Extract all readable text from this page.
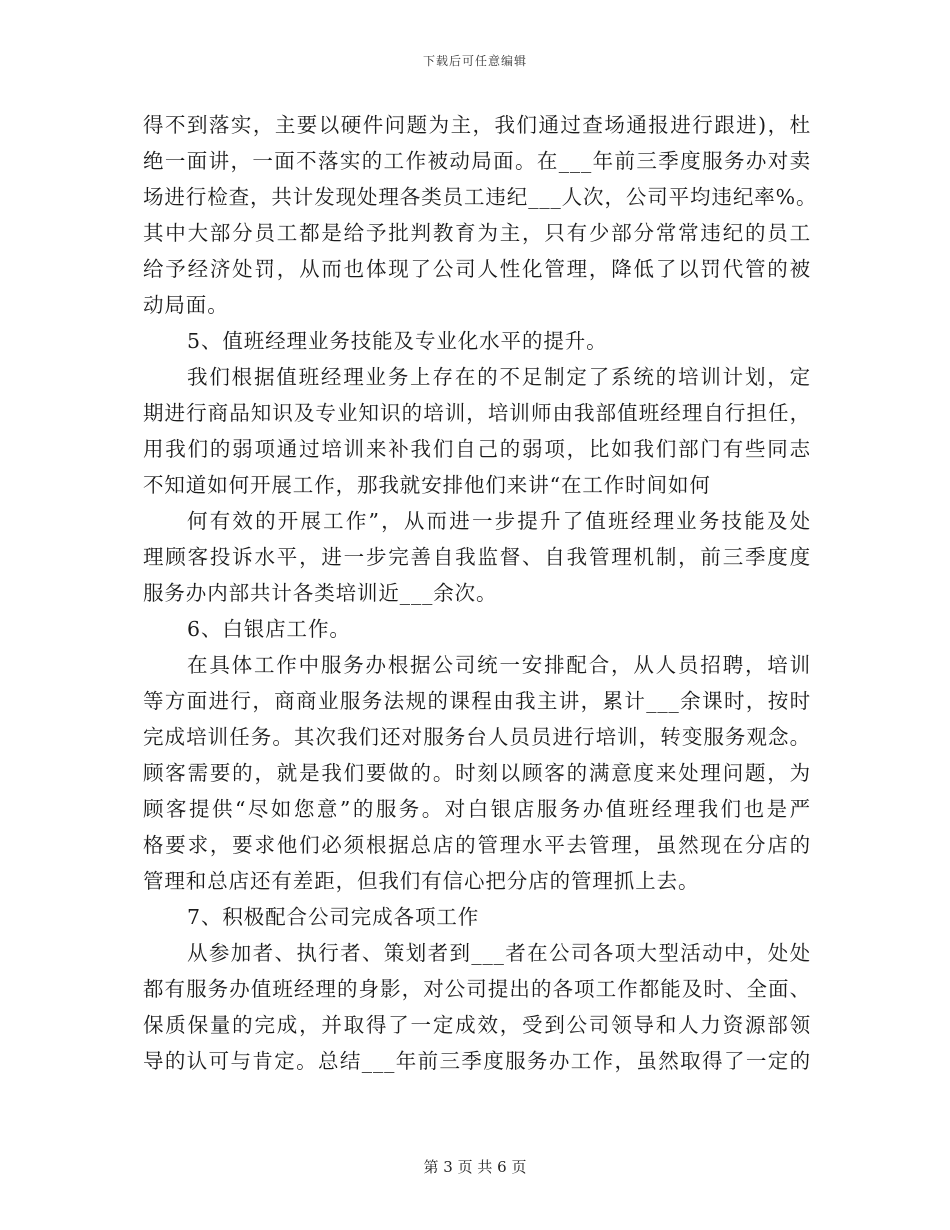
下载后可任意编辑
得不到落实，主要以硬件问题为主，我们通过查场通报进行跟进)，杜
绝一面讲，一面不落实的工作被动局面。在___年前三季度服务办对卖
场进行检查，共计发现处理各类员工违纪___人次，公司平均违纪率%。
其中大部分员工都是给予批判教育为主，只有少部分常常违纪的员工
给予经济处罚，从而也体现了公司人性化管理，降低了以罚代管的被
动局面。
5、值班经理业务技能及专业化水平的提升。
我们根据值班经理业务上存在的不足制定了系统的培训计划，定
期进行商品知识及专业知识的培训，培训师由我部值班经理自行担任，
用我们的弱项通过培训来补我们自己的弱项，比如我们部门有些同志
不知道如何开展工作，那我就安排他们来讲“在工作时间如何
何有效的开展工作”，从而进一步提升了值班经理业务技能及处
理顾客投诉水平，进一步完善自我监督、自我管理机制，前三季度度
服务办内部共计各类培训近___余次。
6、白银店工作。
在具体工作中服务办根据公司统一安排配合，从人员招聘，培训
等方面进行，商商业服务法规的课程由我主讲，累计___余课时，按时
完成培训任务。其次我们还对服务台人员员进行培训，转变服务观念。
顾客需要的，就是我们要做的。时刻以顾客的满意度来处理问题，为
顾客提供“尽如您意”的服务。对白银店服务办值班经理我们也是严
格要求，要求他们必须根据总店的管理水平去管理，虽然现在分店的
管理和总店还有差距，但我们有信心把分店的管理抓上去。
7、积极配合公司完成各项工作
从参加者、执行者、策划者到___者在公司各项大型活动中，处处
都有服务办值班经理的身影，对公司提出的各项工作都能及时、全面、
保质保量的完成，并取得了一定成效，受到公司领导和人力资源部领
导的认可与肯定。总结___年前三季度服务办工作，虽然取得了一定的
第 3 页 共 6 页
